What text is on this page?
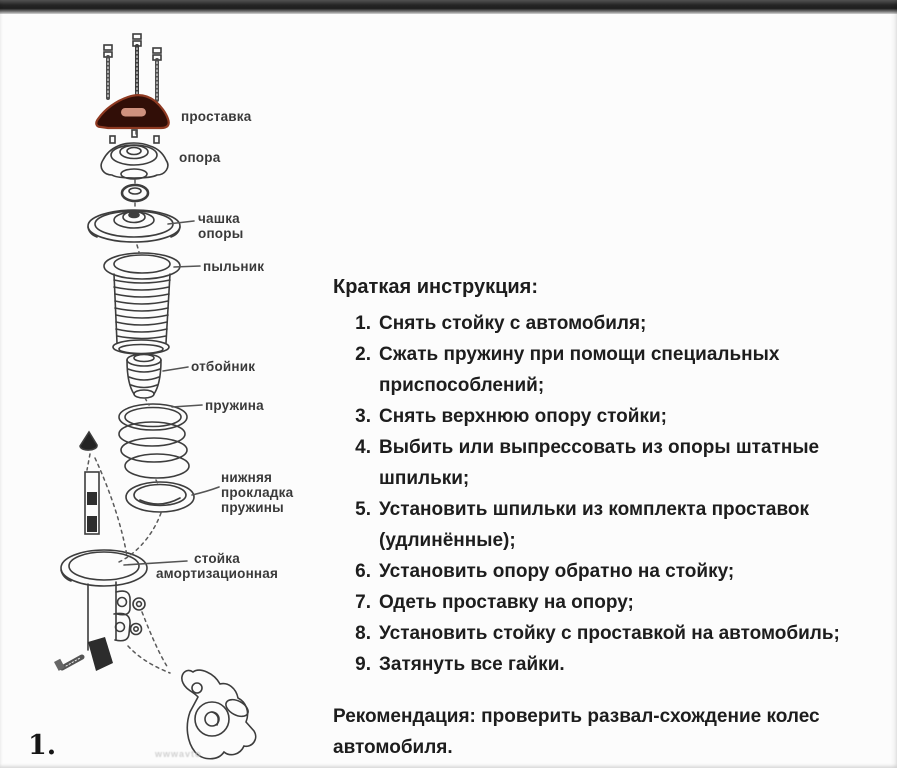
проставка
опора
чашка опоры
пыльник
отбойник
пружина
нижняя прокладка пружины
стойка амортизационная
wwwavto
Краткая инструкция:
1. Снять стойку с автомобиля;
2. Сжать пружину при помощи специальных приспособлений;
3. Снять верхнюю опору стойки;
4. Выбить или выпрессовать из опоры штатные шпильки;
5. Установить шпильки из комплекта проставок (удлинённые);
6. Установить опору обратно на стойку;
7. Одеть проставку на опору;
8. Установить стойку с проставкой на автомобиль;
9. Затянуть все гайки.
Рекомендация: проверить развал-схождение колес автомобиля.
1.
